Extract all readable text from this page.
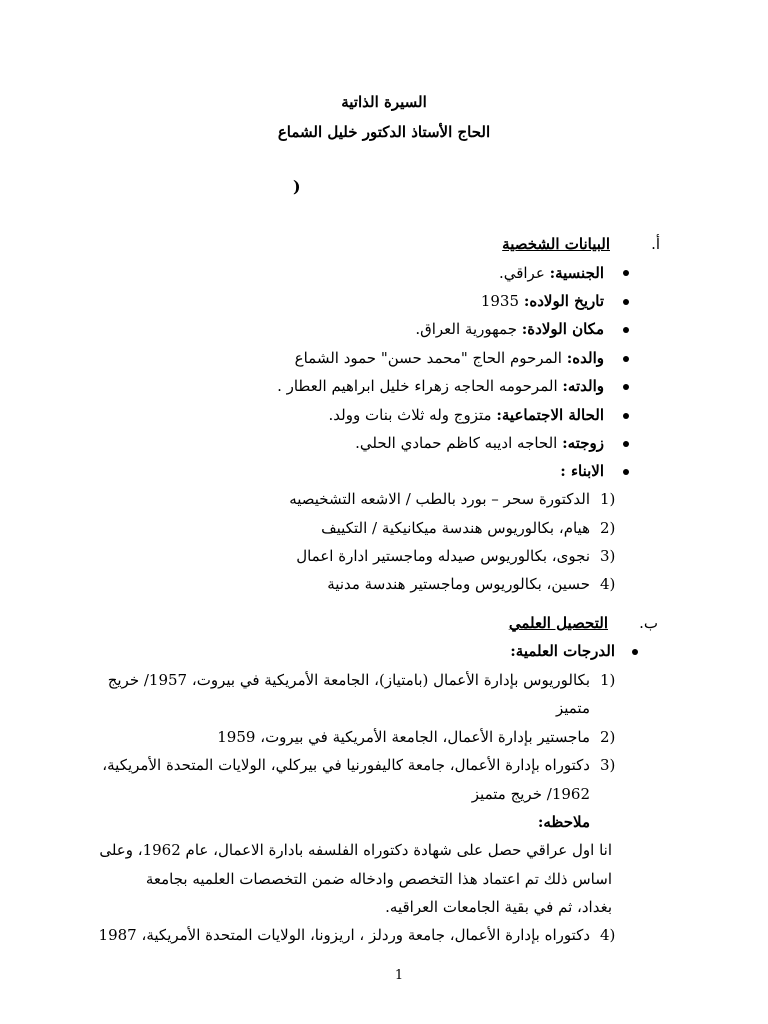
السيرة الذاتية
الحاج الأستاذ الدكتور خليل الشماع
)
أ.
البيانات الشخصية
الجنسية: عراقي.
تاريخ الولاده: 1935
مكان الولادة: جمهورية العراق.
والده: المرحوم الحاج "محمد حسن" حمود الشماع
والدته: المرحومه الحاجه زهراء خليل ابراهيم العطار .
الحالة الاجتماعية: متزوج وله ثلاث بنات وولد.
زوجته: الحاجه اديبه كاظم حمادي الحلي.
الابناء :
1)
الدكتورة سحر – بورد بالطب / الاشعه التشخيصيه
2)
هيام، بكالوريوس هندسة ميكانيكية / التكييف
3)
نجوى، بكالوريوس صيدله وماجستير ادارة اعمال
4)
حسين، بكالوريوس وماجستير هندسة مدنية
ب.
التحصيل العلمي
الدرجات العلمية:
1)
بكالوريوس بإدارة الأعمال (بامتياز)، الجامعة الأمريكية في بيروت، 1957/ خريج
متميز
2)
ماجستير بإدارة الأعمال، الجامعة الأمريكية في بيروت، 1959
3)
دكتوراه بإدارة الأعمال، جامعة كاليفورنيا في بيركلي، الولايات المتحدة الأمريكية،
1962/ خريج متميز
ملاحظه:
انا اول عراقي حصل على شهادة دكتوراه الفلسفه بادارة الاعمال، عام 1962، وعلى
اساس ذلك تم اعتماد هذا التخصص وادخاله ضمن التخصصات العلميه بجامعة
بغداد، ثم في بقية الجامعات العراقيه.
4)
دكتوراه بإدارة الأعمال، جامعة وردلز ، اريزونا، الولايات المتحدة الأمريكية، 1987
1
